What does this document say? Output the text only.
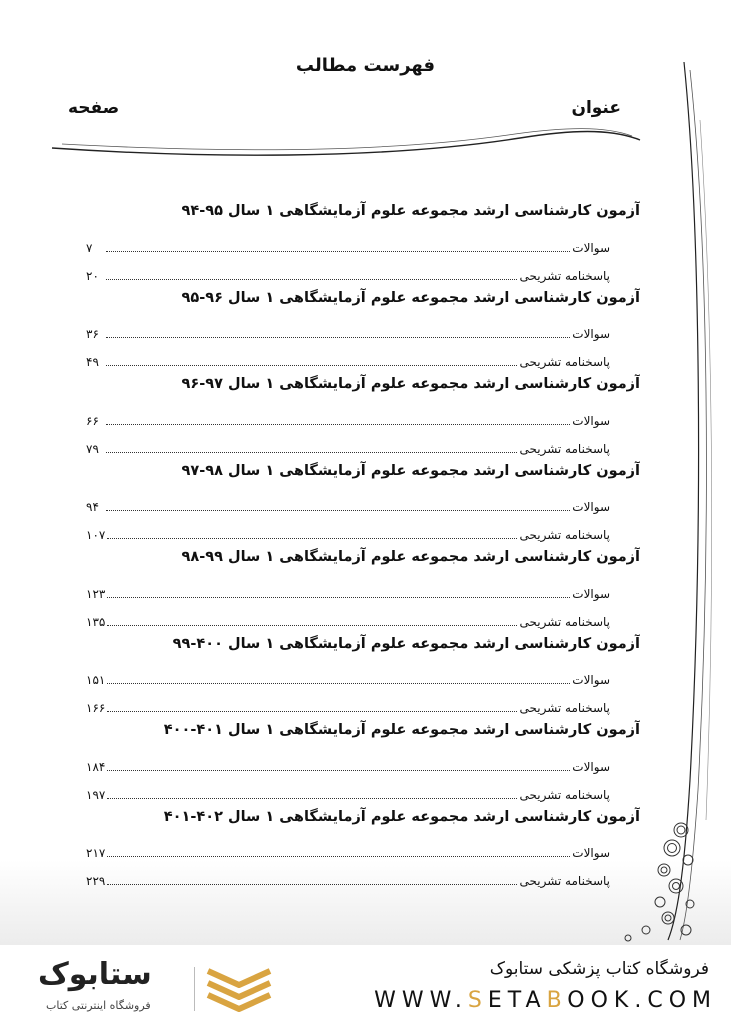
فهرست مطالب
عنوان
صفحه
آزمون کارشناسی ارشد مجموعه علوم آزمایشگاهی ۱ سال ۹۵-۹۴
سوالات
۷
پاسخنامه تشریحی
۲۰
آزمون کارشناسی ارشد مجموعه علوم آزمایشگاهی ۱ سال ۹۶-۹۵
سوالات
۳۶
پاسخنامه تشریحی
۴۹
آزمون کارشناسی ارشد مجموعه علوم آزمایشگاهی ۱ سال ۹۷-۹۶
سوالات
۶۶
پاسخنامه تشریحی
۷۹
آزمون کارشناسی ارشد مجموعه علوم آزمایشگاهی ۱ سال ۹۸-۹۷
سوالات
۹۴
پاسخنامه تشریحی
۱۰۷
آزمون کارشناسی ارشد مجموعه علوم آزمایشگاهی ۱ سال ۹۹-۹۸
سوالات
۱۲۳
پاسخنامه تشریحی
۱۳۵
آزمون کارشناسی ارشد مجموعه علوم آزمایشگاهی ۱ سال ۴۰۰-۹۹
سوالات
۱۵۱
پاسخنامه تشریحی
۱۶۶
آزمون کارشناسی ارشد مجموعه علوم آزمایشگاهی ۱ سال ۴۰۱-۴۰۰
سوالات
۱۸۴
پاسخنامه تشریحی
۱۹۷
آزمون کارشناسی ارشد مجموعه علوم آزمایشگاهی ۱ سال ۴۰۲-۴۰۱
سوالات
۲۱۷
پاسخنامه تشریحی
۲۲۹
ستابوک
فروشگاه اینترنتی کتاب
فروشگاه کتاب پزشکی ستابوک
WWW.SETABOOK.COM
